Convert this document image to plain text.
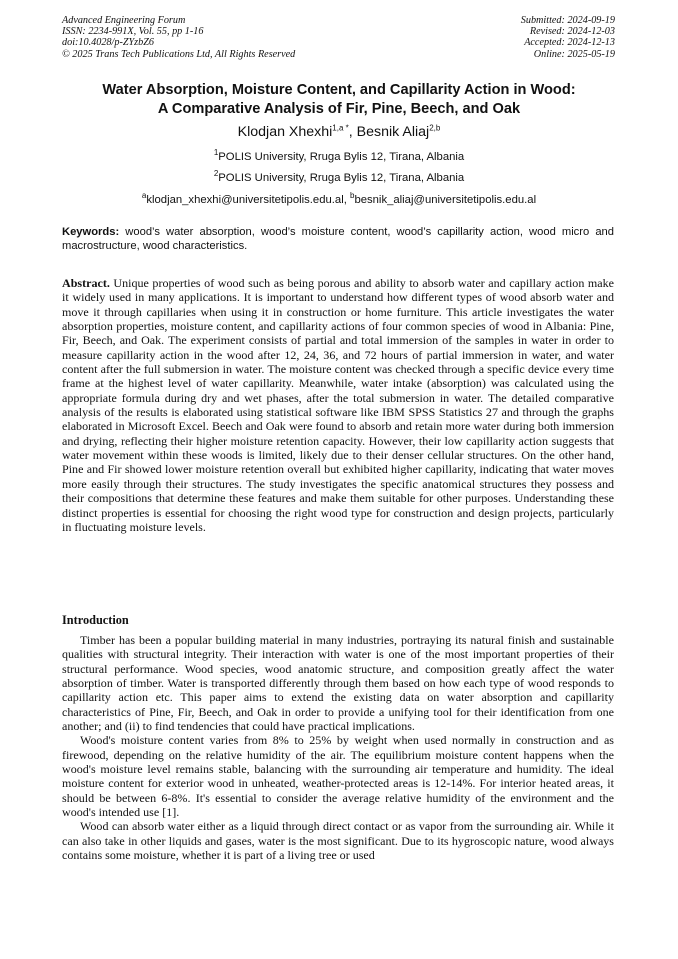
Advanced Engineering Forum
ISSN: 2234-991X, Vol. 55, pp 1-16
doi:10.4028/p-ZYzbZ6
© 2025 Trans Tech Publications Ltd, All Rights Reserved
Submitted: 2024-09-19
Revised: 2024-12-03
Accepted: 2024-12-13
Online: 2025-05-19
Water Absorption, Moisture Content, and Capillarity Action in Wood:
A Comparative Analysis of Fir, Pine, Beech, and Oak
Klodjan Xhexhi$^{1,a *}$, Besnik Aliaj$^{2,b}$
$^1$POLIS University, Rruga Bylis 12, Tirana, Albania
$^2$POLIS University, Rruga Bylis 12, Tirana, Albania
$^a$klodjan_xhexhi@universitetipolis.edu.al, $^b$besnik_aliaj@universitetipolis.edu.al
Keywords: wood’s water absorption, wood’s moisture content, wood’s capillarity action, wood micro and macrostructure, wood characteristics.
Abstract. Unique properties of wood such as being porous and ability to absorb water and capillary action make it widely used in many applications. It is important to understand how different types of wood absorb water and move it through capillaries when using it in construction or home furniture. This article investigates the water absorption properties, moisture content, and capillarity actions of four common species of wood in Albania: Pine, Fir, Beech, and Oak. The experiment consists of partial and total immersion of the samples in water in order to measure capillarity action in the wood after 12, 24, 36, and 72 hours of partial immersion in water, and water content after the full submersion in water. The moisture content was checked through a specific device every time frame at the highest level of water capillarity. Meanwhile, water intake (absorption) was calculated using the appropriate formula during dry and wet phases, after the total submersion in water. The detailed comparative analysis of the results is elaborated using statistical software like IBM SPSS Statistics 27 and through the graphs elaborated in Microsoft Excel. Beech and Oak were found to absorb and retain more water during both immersion and drying, reflecting their higher moisture retention capacity. However, their low capillarity action suggests that water movement within these woods is limited, likely due to their denser cellular structures. On the other hand, Pine and Fir showed lower moisture retention overall but exhibited higher capillarity, indicating that water moves more easily through their structures. The study investigates the specific anatomical structures they possess and their compositions that determine these features and make them suitable for other purposes. Understanding these distinct properties is essential for choosing the right wood type for construction and design projects, particularly in fluctuating moisture levels.
Introduction

Timber has been a popular building material in many industries, portraying its natural finish and sustainable qualities with structural integrity. Their interaction with water is one of the most important properties of their structural performance. Wood species, wood anatomic structure, and composition greatly affect the water absorption of timber. Water is transported differently through them based on how each type of wood responds to capillarity action etc. This paper aims to extend the existing data on water absorption and capillarity characteristics of Pine, Fir, Beech, and Oak in order to provide a unifying tool for their identification from one another; and (ii) to find tendencies that could have practical implications.

Wood's moisture content varies from 8% to 25% by weight when used normally in construction and as firewood, depending on the relative humidity of the air. The equilibrium moisture content happens when the wood's moisture level remains stable, balancing with the surrounding air temperature and humidity. The ideal moisture content for exterior wood in unheated, weather-protected areas is 12-14%. For interior heated areas, it should be between 6-8%. It's essential to consider the average relative humidity of the environment and the wood's intended use [1].

Wood can absorb water either as a liquid through direct contact or as vapor from the surrounding air. While it can also take in other liquids and gases, water is the most significant. Due to its hygroscopic nature, wood always contains some moisture, whether it is part of a living tree or used
